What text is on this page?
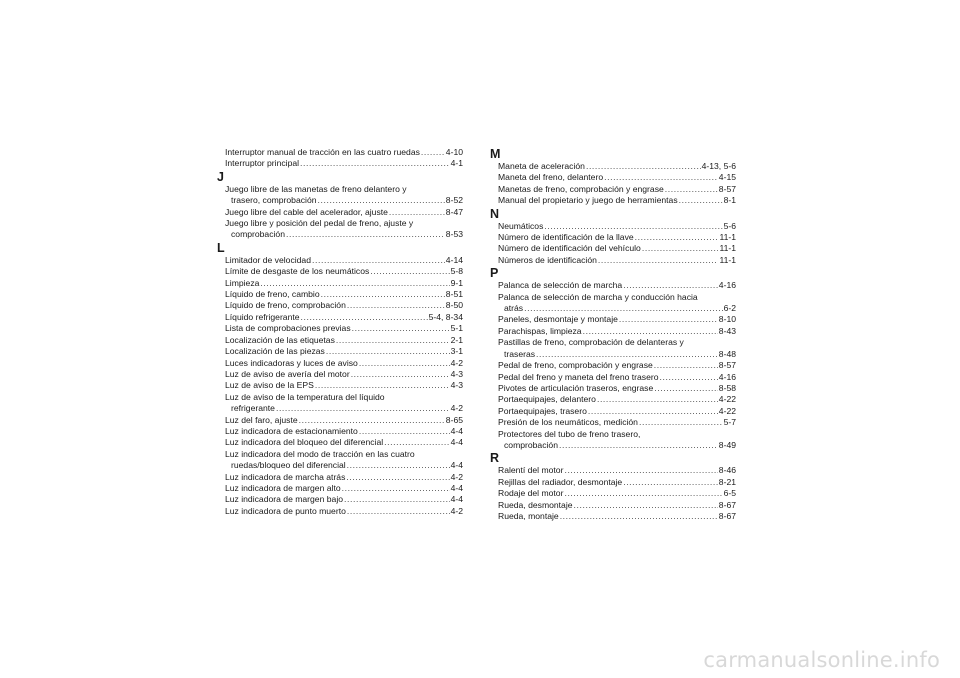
Interruptor manual de tracción en las cuatro ruedas .....	4-10
Interruptor principal .....	4-1
J
Juego libre de las manetas de freno delantero y
trasero, comprobación .....	8-52
Juego libre del cable del acelerador, ajuste .....	8-47
Juego libre y posición del pedal de freno, ajuste y
comprobación .....	8-53
L
Limitador de velocidad .....	4-14
Límite de desgaste de los neumáticos .....	5-8
Limpieza .....	9-1
Líquido de freno, cambio .....	8-51
Líquido de freno, comprobación .....	8-50
Líquido refrigerante .....	5-4, 8-34
Lista de comprobaciones previas .....	5-1
Localización de las etiquetas .....	2-1
Localización de las piezas .....	3-1
Luces indicadoras y luces de aviso .....	4-2
Luz de aviso de avería del motor .....	4-3
Luz de aviso de la EPS .....	4-3
Luz de aviso de la temperatura del líquido
refrigerante .....	4-2
Luz del faro, ajuste .....	8-65
Luz indicadora de estacionamiento .....	4-4
Luz indicadora del bloqueo del diferencial .....	4-4
Luz indicadora del modo de tracción en las cuatro
ruedas/bloqueo del diferencial .....	4-4
Luz indicadora de marcha atrás .....	4-2
Luz indicadora de margen alto .....	4-4
Luz indicadora de margen bajo .....	4-4
Luz indicadora de punto muerto .....	4-2
M
Maneta de aceleración .....	4-13, 5-6
Maneta del freno, delantero .....	4-15
Manetas de freno, comprobación y engrase .....	8-57
Manual del propietario y juego de herramientas .....	8-1
N
Neumáticos .....	5-6
Número de identificación de la llave .....	11-1
Número de identificación del vehículo .....	11-1
Números de identificación .....	11-1
P
Palanca de selección de marcha .....	4-16
Palanca de selección de marcha y conducción hacia
atrás .....	6-2
Paneles, desmontaje y montaje .....	8-10
Parachispas, limpieza .....	8-43
Pastillas de freno, comprobación de delanteras y
traseras .....	8-48
Pedal de freno, comprobación y engrase .....	8-57
Pedal del freno y maneta del freno trasero .....	4-16
Pivotes de articulación traseros, engrase .....	8-58
Portaequipajes, delantero .....	4-22
Portaequipajes, trasero .....	4-22
Presión de los neumáticos, medición .....	5-7
Protectores del tubo de freno trasero,
comprobación .....	8-49
R
Ralentí del motor .....	8-46
Rejillas del radiador, desmontaje .....	8-21
Rodaje del motor .....	6-5
Rueda, desmontaje .....	8-67
Rueda, montaje .....	8-67
carmanualsonline.info
